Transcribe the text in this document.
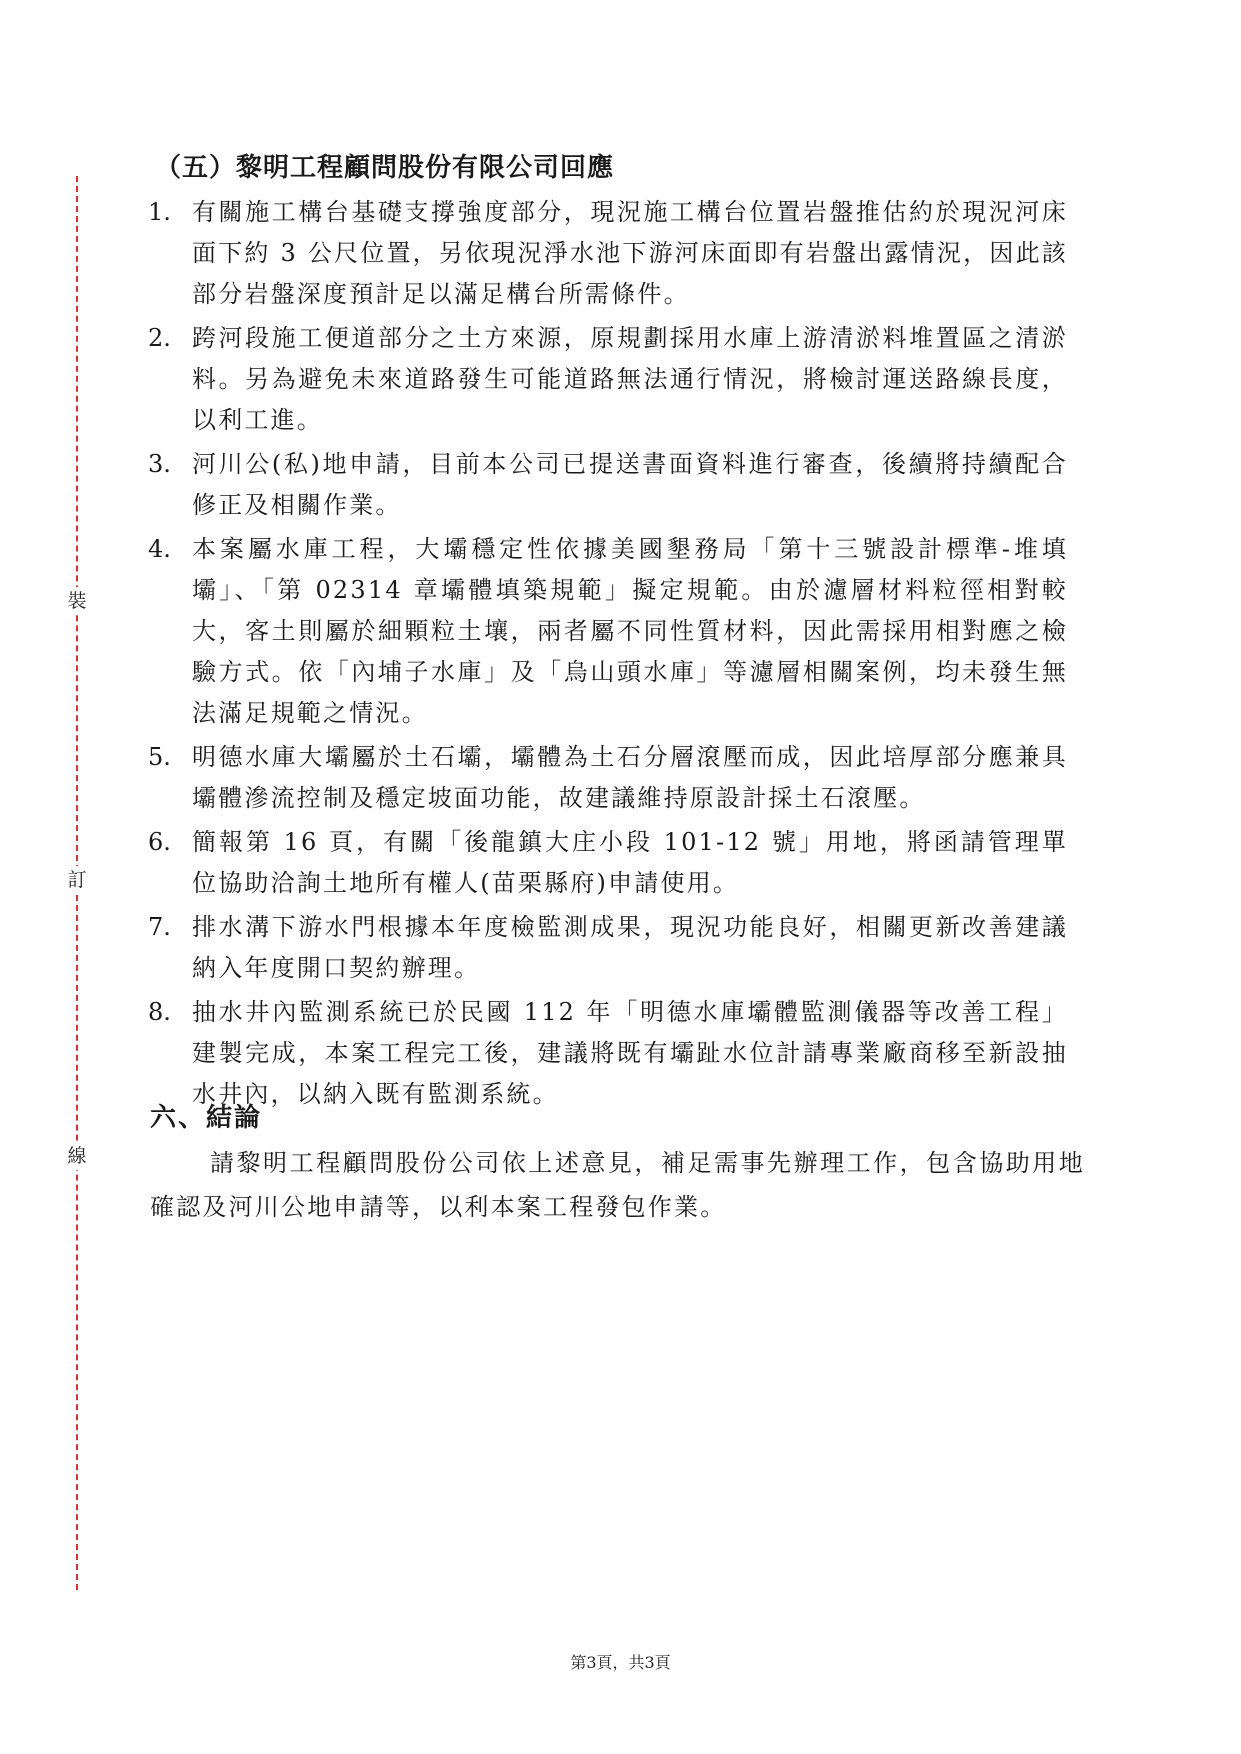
裝
訂
線
（五）黎明工程顧問股份有限公司回應
1. 有關施工構台基礎支撐強度部分，現況施工構台位置岩盤推估約於現況河床面下約 3 公尺位置，另依現況淨水池下游河床面即有岩盤出露情況，因此該部分岩盤深度預計足以滿足構台所需條件。
2. 跨河段施工便道部分之土方來源，原規劃採用水庫上游清淤料堆置區之清淤料。另為避免未來道路發生可能道路無法通行情況，將檢討運送路線長度，以利工進。
3. 河川公(私)地申請，目前本公司已提送書面資料進行審查，後續將持續配合修正及相關作業。
4. 本案屬水庫工程，大壩穩定性依據美國墾務局「第十三號設計標準-堆填壩」、「第 02314 章壩體填築規範」擬定規範。由於濾層材料粒徑相對較大，客土則屬於細顆粒土壤，兩者屬不同性質材料，因此需採用相對應之檢驗方式。依「內埔子水庫」及「烏山頭水庫」等濾層相關案例，均未發生無法滿足規範之情況。
5. 明德水庫大壩屬於土石壩，壩體為土石分層滾壓而成，因此培厚部分應兼具壩體滲流控制及穩定坡面功能，故建議維持原設計採土石滾壓。
6. 簡報第 16 頁，有關「後龍鎮大庄小段 101-12 號」用地，將函請管理單位協助洽詢土地所有權人(苗栗縣府)申請使用。
7. 排水溝下游水門根據本年度檢監測成果，現況功能良好，相關更新改善建議納入年度開口契約辦理。
8. 抽水井內監測系統已於民國 112 年「明德水庫壩體監測儀器等改善工程」建製完成，本案工程完工後，建議將既有壩趾水位計請專業廠商移至新設抽水井內，以納入既有監測系統。
六、結論
請黎明工程顧問股份公司依上述意見，補足需事先辦理工作，包含協助用地確認及河川公地申請等，以利本案工程發包作業。
第3頁，共3頁
